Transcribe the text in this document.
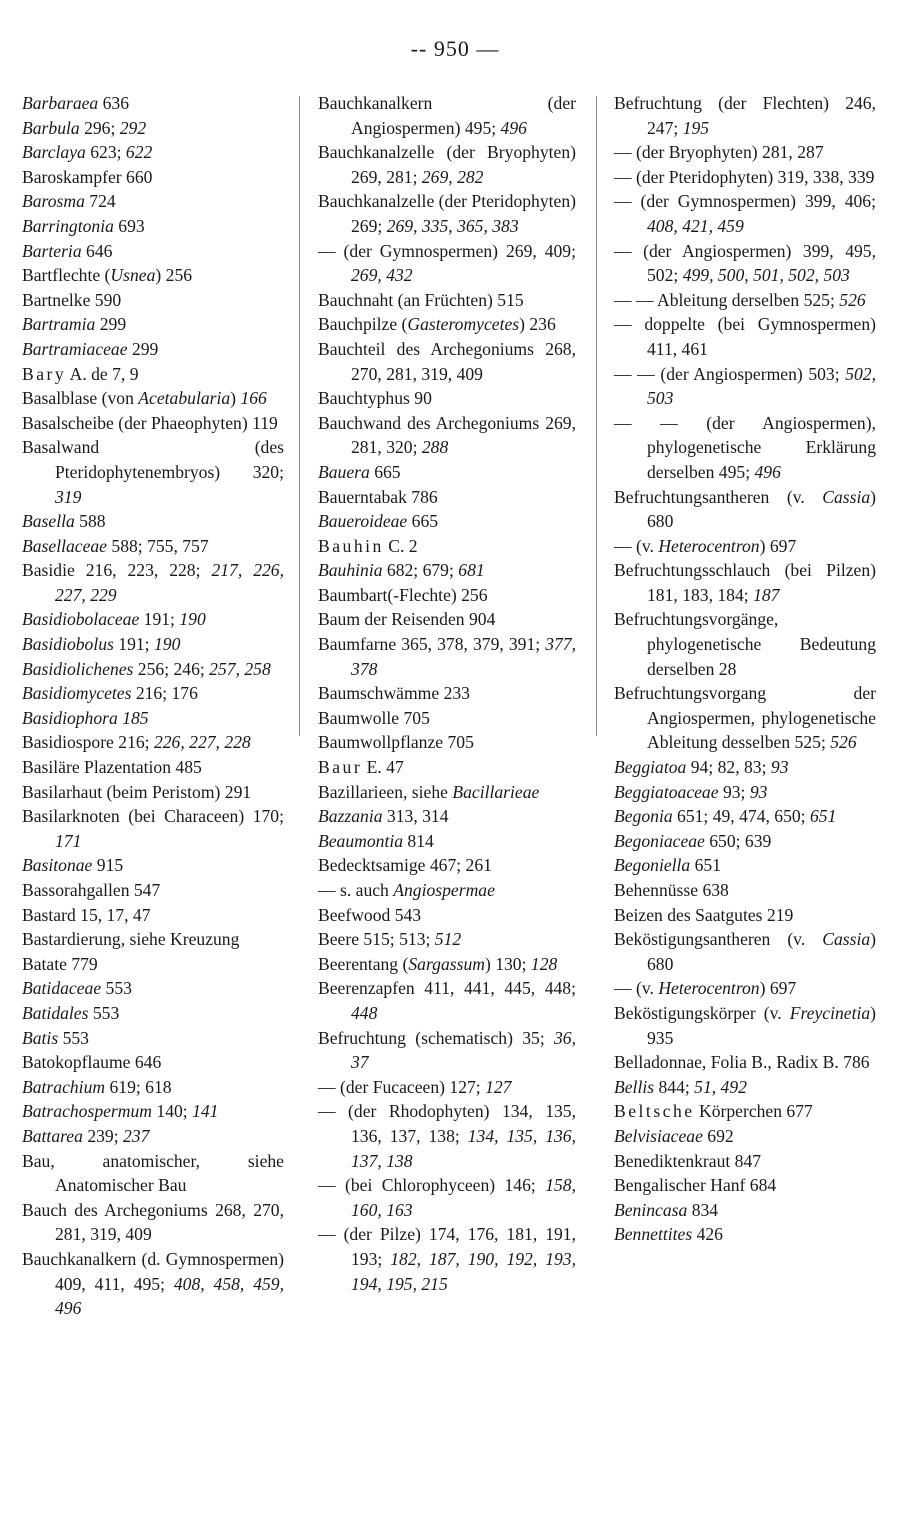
-- 950 —
Barbaraea 636
Barbula 296; 292
Barclaya 623; 622
Baroskampfer 660
Barosma 724
Barringtonia 693
Barteria 646
Bartflechte (Usnea) 256
Bartnelke 590
Bartramia 299
Bartramiaceae 299
Bary A. de 7, 9
Basalblase (von Acetabularia) 166
Basalscheibe (der Phaeophyten) 119
Basalwand (des Pteridophytenembryos) 320; 319
Basella 588
Basellaceae 588; 755, 757
Basidie 216, 223, 228; 217, 226, 227, 229
Basidiobolaceae 191; 190
Basidiobolus 191; 190
Basidiolichenes 256; 246; 257, 258
Basidiomycetes 216; 176
Basidiophora 185
Basidiospore 216; 226, 227, 228
Basiläre Plazentation 485
Basilarhaut (beim Peristom) 291
Basilarknoten (bei Characeen) 170; 171
Basitonae 915
Bassorahgallen 547
Bastard 15, 17, 47
Bastardierung, siehe Kreuzung
Batate 779
Batidaceae 553
Batidales 553
Batis 553
Batokopflaume 646
Batrachium 619; 618
Batrachospermum 140; 141
Battarea 239; 237
Bau, anatomischer, siehe Anatomischer Bau
Bauch des Archegoniums 268, 270, 281, 319, 409
Bauchkanalkern (d. Gymnospermen) 409, 411, 495; 408, 458, 459, 496
Bauchkanalkern (der Angiospermen) 495; 496
Bauchkanalzelle (der Bryophyten) 269, 281; 269, 282
Bauchkanalzelle (der Pteridophyten) 269; 269, 335, 365, 383
— (der Gymnospermen) 269, 409; 269, 432
Bauchnaht (an Früchten) 515
Bauchpilze (Gasteromycetes) 236
Bauchteil des Archegoniums 268, 270, 281, 319, 409
Bauchtyphus 90
Bauchwand des Archegoniums 269, 281, 320; 288
Bauera 665
Bauerntabak 786
Baueroideae 665
Bauhin C. 2
Bauhinia 682; 679; 681
Baumbart(-Flechte) 256
Baum der Reisenden 904
Baumfarne 365, 378, 379, 391; 377, 378
Baumschwämme 233
Baumwolle 705
Baumwollpflanze 705
Baur E. 47
Bazillarieen, siehe Bacillarieae
Bazzania 313, 314
Beaumontia 814
Bedecktsamige 467; 261
— s. auch Angiospermae
Beefwood 543
Beere 515; 513; 512
Beerentang (Sargassum) 130; 128
Beerenzapfen 411, 441, 445, 448; 448
Befruchtung (schematisch) 35; 36, 37
— (der Fucaceen) 127; 127
— (der Rhodophyten) 134, 135, 136, 137, 138; 134, 135, 136, 137, 138
— (bei Chlorophyceen) 146; 158, 160, 163
— (der Pilze) 174, 176, 181, 191, 193; 182, 187, 190, 192, 193, 194, 195, 215
Befruchtung (der Flechten) 246, 247; 195
— (der Bryophyten) 281, 287
— (der Pteridophyten) 319, 338, 339
— (der Gymnospermen) 399, 406; 408, 421, 459
— (der Angiospermen) 399, 495, 502; 499, 500, 501, 502, 503
— — Ableitung derselben 525; 526
— doppelte (bei Gymnospermen) 411, 461
— — (der Angiospermen) 503; 502, 503
— — (der Angiospermen), phylogenetische Erklärung derselben 495; 496
Befruchtungsantheren (v. Cassia) 680
— (v. Heterocentron) 697
Befruchtungsschlauch (bei Pilzen) 181, 183, 184; 187
Befruchtungsvorgänge, phylogenetische Bedeutung derselben 28
Befruchtungsvorgang der Angiospermen, phylogenetische Ableitung desselben 525; 526
Beggiatoa 94; 82, 83; 93
Beggiatoaceae 93; 93
Begonia 651; 49, 474, 650; 651
Begoniaceae 650; 639
Begoniella 651
Behennüsse 638
Beizen des Saatgutes 219
Beköstigungsantheren (v. Cassia) 680
— (v. Heterocentron) 697
Beköstigungskörper (v. Freycinetia) 935
Belladonnae, Folia B., Radix B. 786
Bellis 844; 51, 492
Beltsche Körperchen 677
Belvisiaceae 692
Benediktenkraut 847
Bengalischer Hanf 684
Benincasa 834
Bennettites 426
